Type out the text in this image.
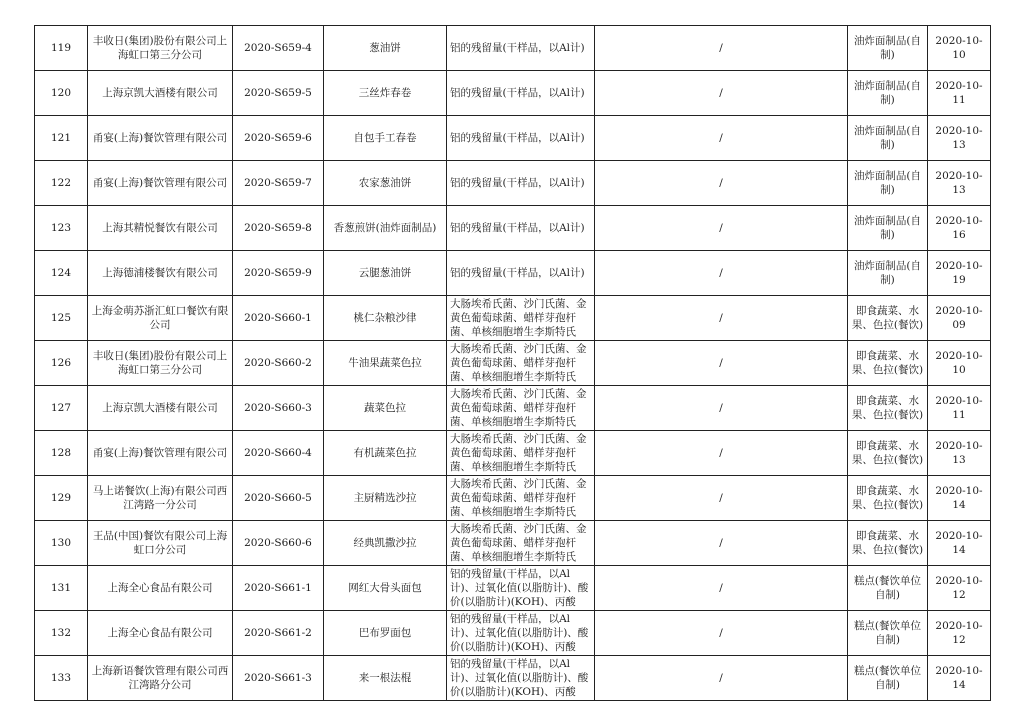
119	丰收日(集团)股份有限公司上海虹口第三分公司	2020-S659-4	葱油饼	铝的残留量(干样品，以Al计)	/	油炸面制品(自制)	2020-10-10

120	上海京凯大酒楼有限公司	2020-S659-5	三丝炸春卷	铝的残留量(干样品，以Al计)	/	油炸面制品(自制)	2020-10-11

121	甬宴(上海)餐饮管理有限公司	2020-S659-6	自包手工春卷	铝的残留量(干样品，以Al计)	/	油炸面制品(自制)	2020-10-13

122	甬宴(上海)餐饮管理有限公司	2020-S659-7	农家葱油饼	铝的残留量(干样品，以Al计)	/	油炸面制品(自制)	2020-10-13

123	上海其精悦餐饮有限公司	2020-S659-8	香葱煎饼(油炸面制品)	铝的残留量(干样品，以Al计)	/	油炸面制品(自制)	2020-10-16

124	上海德浦楼餐饮有限公司	2020-S659-9	云腿葱油饼	铝的残留量(干样品，以Al计)	/	油炸面制品(自制)	2020-10-19

125	上海金萌苏浙汇虹口餐饮有限公司	2020-S660-1	桃仁杂粮沙律	大肠埃希氏菌、沙门氏菌、金黄色葡萄球菌、蜡样芽孢杆菌、单核细胞增生李斯特氏	/	即食蔬菜、水果、色拉(餐饮)	2020-10-09

126	丰收日(集团)股份有限公司上海虹口第三分公司	2020-S660-2	牛油果蔬菜色拉	大肠埃希氏菌、沙门氏菌、金黄色葡萄球菌、蜡样芽孢杆菌、单核细胞增生李斯特氏	/	即食蔬菜、水果、色拉(餐饮)	2020-10-10

127	上海京凯大酒楼有限公司	2020-S660-3	蔬菜色拉	大肠埃希氏菌、沙门氏菌、金黄色葡萄球菌、蜡样芽孢杆菌、单核细胞增生李斯特氏	/	即食蔬菜、水果、色拉(餐饮)	2020-10-11

128	甬宴(上海)餐饮管理有限公司	2020-S660-4	有机蔬菜色拉	大肠埃希氏菌、沙门氏菌、金黄色葡萄球菌、蜡样芽孢杆菌、单核细胞增生李斯特氏	/	即食蔬菜、水果、色拉(餐饮)	2020-10-13

129	马上诺餐饮(上海)有限公司西江湾路一分公司	2020-S660-5	主厨精选沙拉	大肠埃希氏菌、沙门氏菌、金黄色葡萄球菌、蜡样芽孢杆菌、单核细胞增生李斯特氏	/	即食蔬菜、水果、色拉(餐饮)	2020-10-14

130	王品(中国)餐饮有限公司上海虹口分公司	2020-S660-6	经典凯撒沙拉	大肠埃希氏菌、沙门氏菌、金黄色葡萄球菌、蜡样芽孢杆菌、单核细胞增生李斯特氏	/	即食蔬菜、水果、色拉(餐饮)	2020-10-14

131	上海全心食品有限公司	2020-S661-1	网红大骨头面包	铝的残留量(干样品，以Al计)、过氧化值(以脂肪计)、酸价(以脂肪计)(KOH)、丙酸	/	糕点(餐饮单位自制)	2020-10-12

132	上海全心食品有限公司	2020-S661-2	巴布罗面包	铝的残留量(干样品，以Al计)、过氧化值(以脂肪计)、酸价(以脂肪计)(KOH)、丙酸	/	糕点(餐饮单位自制)	2020-10-12

133	上海新语餐饮管理有限公司西江湾路分公司	2020-S661-3	来一根法棍	铝的残留量(干样品，以Al计)、过氧化值(以脂肪计)、酸价(以脂肪计)(KOH)、丙酸	/	糕点(餐饮单位自制)	2020-10-14
